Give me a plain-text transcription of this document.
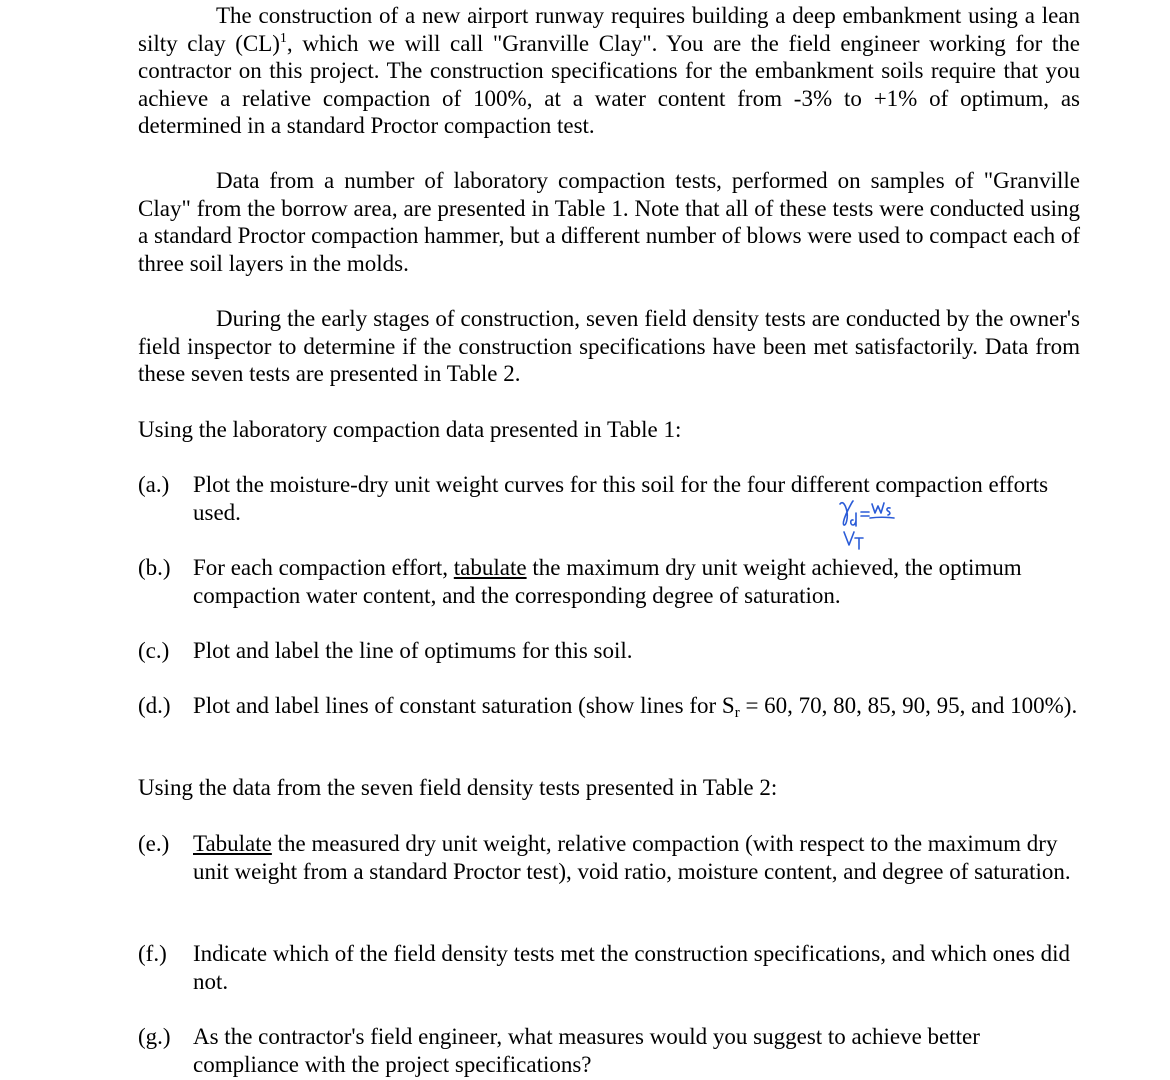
The construction of a new airport runway requires building a deep embankment using a lean silty clay (CL)$^1$, which we will call "Granville Clay". You are the field engineer working for the contractor on this project. The construction specifications for the embankment soils require that you achieve a relative compaction of 100%, at a water content from -3% to +1% of optimum, as determined in a standard Proctor compaction test.

Data from a number of laboratory compaction tests, performed on samples of "Granville Clay" from the borrow area, are presented in Table 1. Note that all of these tests were conducted using a standard Proctor compaction hammer, but a different number of blows were used to compact each of three soil layers in the molds.

During the early stages of construction, seven field density tests are conducted by the owner's field inspector to determine if the construction specifications have been met satisfactorily. Data from these seven tests are presented in Table 2.

Using the laboratory compaction data presented in Table 1:

(a.) Plot the moisture-dry unit weight curves for this soil for the four different compaction efforts used.
(b.) For each compaction effort, tabulate the maximum dry unit weight achieved, the optimum compaction water content, and the corresponding degree of saturation.
(c.) Plot and label the line of optimums for this soil.
(d.) Plot and label lines of constant saturation (show lines for $S_r = 60$, 70, 80, 85, 90, 95, and 100%).

Using the data from the seven field density tests presented in Table 2:

(e.) Tabulate the measured dry unit weight, relative compaction (with respect to the maximum dry unit weight from a standard Proctor test), void ratio, moisture content, and degree of saturation.
(f.) Indicate which of the field density tests met the construction specifications, and which ones did not.
(g.) As the contractor's field engineer, what measures would you suggest to achieve better compliance with the project specifications?
